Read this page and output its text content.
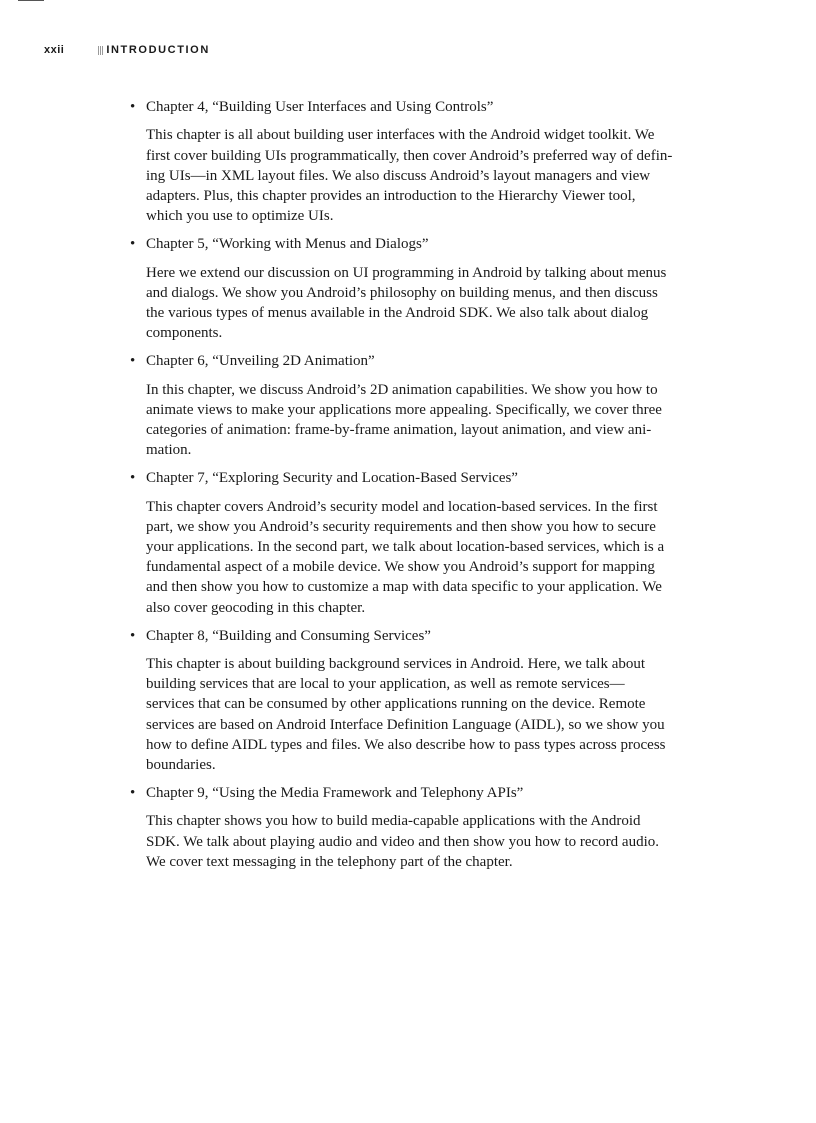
xxii	INTRODUCTION
• Chapter 4, “Building User Interfaces and Using Controls”
This chapter is all about building user interfaces with the Android widget toolkit. We
first cover building UIs programmatically, then cover Android’s preferred way of defin-
ing UIs—in XML layout files. We also discuss Android’s layout managers and view
adapters. Plus, this chapter provides an introduction to the Hierarchy Viewer tool,
which you use to optimize UIs.
• Chapter 5, “Working with Menus and Dialogs”
Here we extend our discussion on UI programming in Android by talking about menus
and dialogs. We show you Android’s philosophy on building menus, and then discuss
the various types of menus available in the Android SDK. We also talk about dialog
components.
• Chapter 6, “Unveiling 2D Animation”
In this chapter, we discuss Android’s 2D animation capabilities. We show you how to
animate views to make your applications more appealing. Specifically, we cover three
categories of animation: frame-by-frame animation, layout animation, and view ani-
mation.
• Chapter 7, “Exploring Security and Location-Based Services”
This chapter covers Android’s security model and location-based services. In the first
part, we show you Android’s security requirements and then show you how to secure
your applications. In the second part, we talk about location-based services, which is a
fundamental aspect of a mobile device. We show you Android’s support for mapping
and then show you how to customize a map with data specific to your application. We
also cover geocoding in this chapter.
• Chapter 8, “Building and Consuming Services”
This chapter is about building background services in Android. Here, we talk about
building services that are local to your application, as well as remote services—
services that can be consumed by other applications running on the device. Remote
services are based on Android Interface Definition Language (AIDL), so we show you
how to define AIDL types and files. We also describe how to pass types across process
boundaries.
• Chapter 9, “Using the Media Framework and Telephony APIs”
This chapter shows you how to build media-capable applications with the Android
SDK. We talk about playing audio and video and then show you how to record audio.
We cover text messaging in the telephony part of the chapter.
